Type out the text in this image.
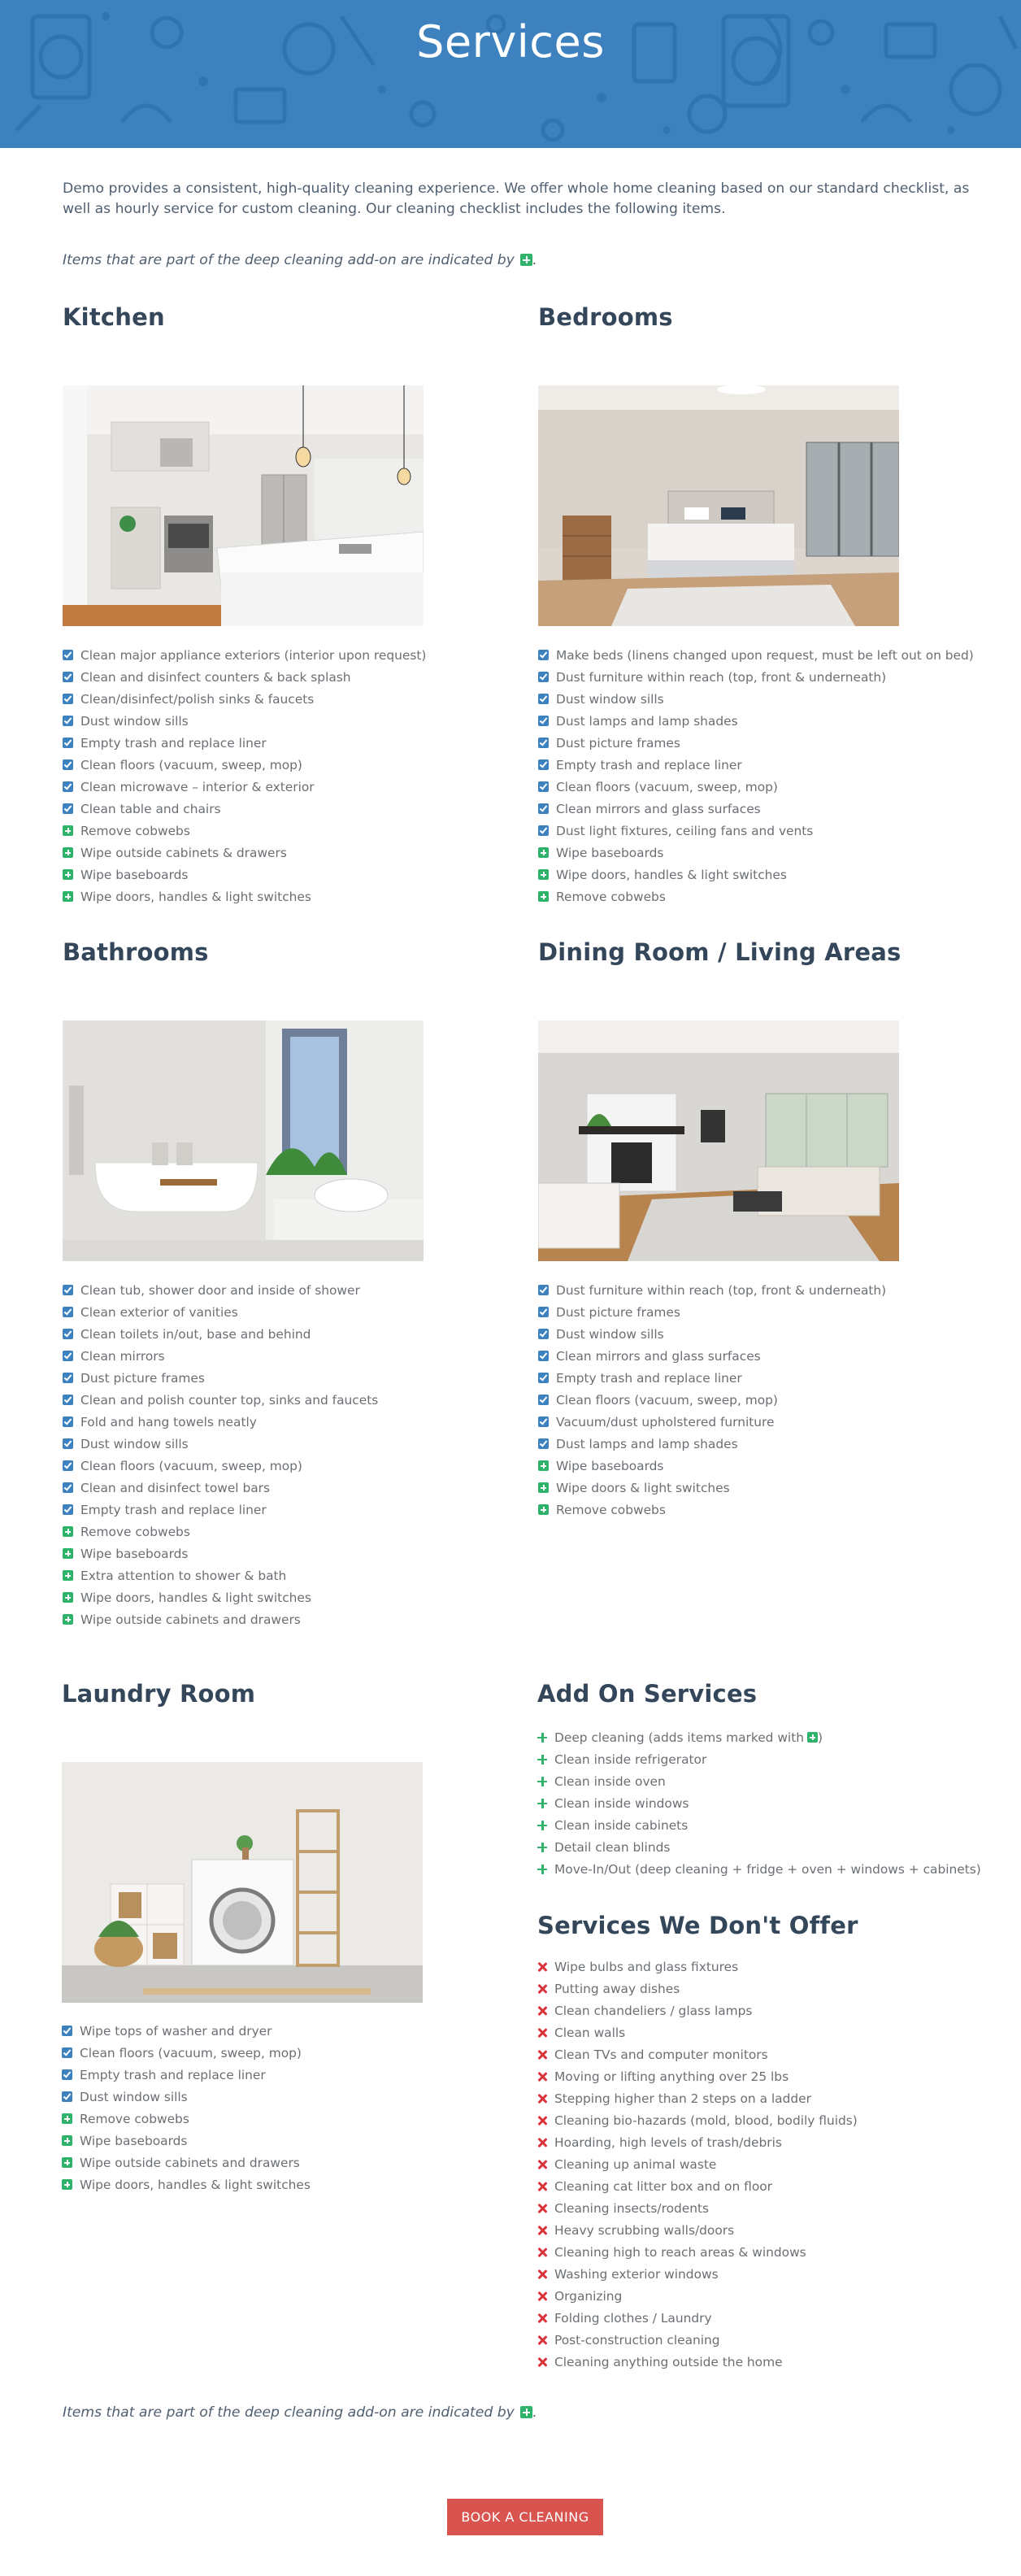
Services

Demo provides a consistent, high-quality cleaning experience. We offer whole home cleaning based on our standard checklist, as well as hourly service for custom cleaning. Our cleaning checklist includes the following items.

Items that are part of the deep cleaning add-on are indicated by .

Kitchen
Clean major appliance exteriors (interior upon request)
Clean and disinfect counters & back splash
Clean/disinfect/polish sinks & faucets
Dust window sills
Empty trash and replace liner
Clean floors (vacuum, sweep, mop)
Clean microwave – interior & exterior
Clean table and chairs
Remove cobwebs
Wipe outside cabinets & drawers
Wipe baseboards
Wipe doors, handles & light switches
Bedrooms
Make beds (linens changed upon request, must be left out on bed)
Dust furniture within reach (top, front & underneath)
Dust window sills
Dust lamps and lamp shades
Dust picture frames
Empty trash and replace liner
Clean floors (vacuum, sweep, mop)
Clean mirrors and glass surfaces
Dust light fixtures, ceiling fans and vents
Wipe baseboards
Wipe doors, handles & light switches
Remove cobwebs
Bathrooms
Clean tub, shower door and inside of shower
Clean exterior of vanities
Clean toilets in/out, base and behind
Clean mirrors
Dust picture frames
Clean and polish counter top, sinks and faucets
Fold and hang towels neatly
Dust window sills
Clean floors (vacuum, sweep, mop)
Clean and disinfect towel bars
Empty trash and replace liner
Remove cobwebs
Wipe baseboards
Extra attention to shower & bath
Wipe doors, handles & light switches
Wipe outside cabinets and drawers
Dining Room / Living Areas
Dust furniture within reach (top, front & underneath)
Dust picture frames
Dust window sills
Clean mirrors and glass surfaces
Empty trash and replace liner
Clean floors (vacuum, sweep, mop)
Vacuum/dust upholstered furniture
Dust lamps and lamp shades
Wipe baseboards
Wipe doors & light switches
Remove cobwebs
Laundry Room
Wipe tops of washer and dryer
Clean floors (vacuum, sweep, mop)
Empty trash and replace liner
Dust window sills
Remove cobwebs
Wipe baseboards
Wipe outside cabinets and drawers
Wipe doors, handles & light switches
Add On Services
Deep cleaning (adds items marked with )
Clean inside refrigerator
Clean inside oven
Clean inside windows
Clean inside cabinets
Detail clean blinds
Move-In/Out (deep cleaning + fridge + oven + windows + cabinets)
Services We Don't Offer
Wipe bulbs and glass fixtures
Putting away dishes
Clean chandeliers / glass lamps
Clean walls
Clean TVs and computer monitors
Moving or lifting anything over 25 lbs
Stepping higher than 2 steps on a ladder
Cleaning bio-hazards (mold, blood, bodily fluids)
Hoarding, high levels of trash/debris
Cleaning up animal waste
Cleaning cat litter box and on floor
Cleaning insects/rodents
Heavy scrubbing walls/doors
Cleaning high to reach areas & windows
Washing exterior windows
Organizing
Folding clothes / Laundry
Post-construction cleaning
Cleaning anything outside the home

Items that are part of the deep cleaning add-on are indicated by .

BOOK A CLEANING
